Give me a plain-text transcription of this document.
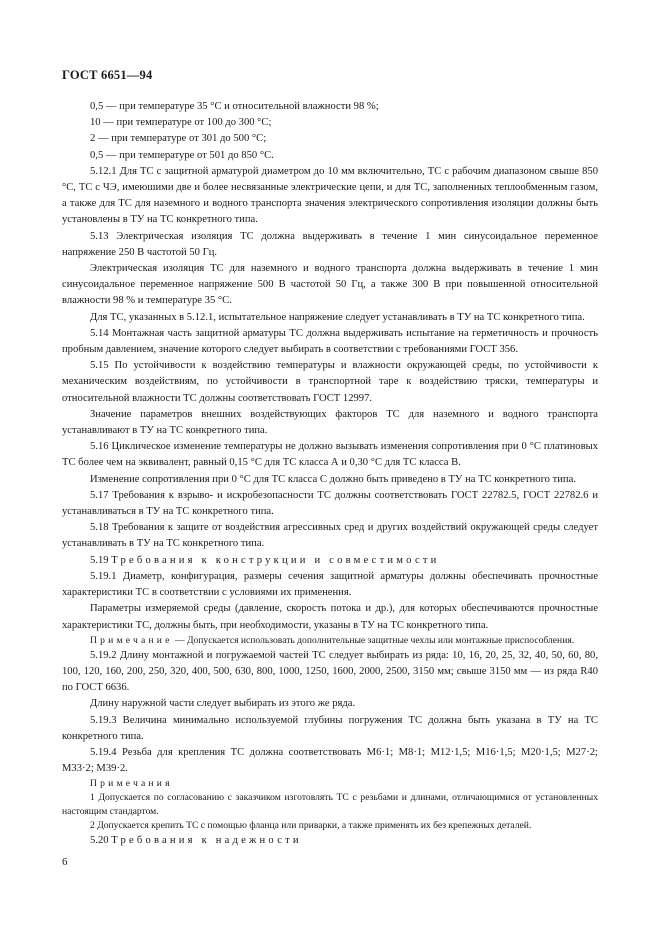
ГОСТ 6651—94

0,5 — при температуре 35 °С и относительной влажности 98 %;

10 — при температуре от 100 до 300 °С;

2 — при температуре от 301 до 500 °С;

0,5 — при температуре от 501 до 850 °С.

5.12.1 Для ТС с защитной арматурой диаметром до 10 мм включительно, ТС с рабочим диапазоном свыше 850 °С, ТС с ЧЭ, имеюшими две и более несвязанные электрические цепи, и для ТС, заполненных теплообменным газом, а также для ТС для наземного и водного транспорта значения электрического сопротивления изоляции должны быть установлены в ТУ на ТС конкретного типа.

5.13 Электрическая изоляция ТС должна выдерживать в течение 1 мин синусоидальное переменное напряжение 250 В частотой 50 Гц.

Электрическая изоляция ТС для наземного и водного транспорта должна выдерживать в течение 1 мин синусоидальное переменное напряжение 500 В частотой 50 Гц, а также 300 В при повышенной относительной влажности 98 % и температуре 35 °С.

Для ТС, указанных в 5.12.1, испытательное напряжение следует устанавливать в ТУ на ТС конкретного типа.

5.14 Монтажная часть защитной арматуры ТС должна выдерживать испытание на герметичность и прочность пробным давлением, значение которого следует выбирать в соответствии с требованиями ГОСТ 356.

5.15 По устойчивости к воздействию температуры и влажности окружающей среды, по устойчивости к механическим воздействиям, по устойчивости в транспортной таре к воздействию тряски, температуры и относительной влажности ТС должны соответствовать ГОСТ 12997.

Значение параметров внешних воздействующих факторов ТС для наземного и водного транспорта устанавливают в ТУ на ТС конкретного типа.

5.16 Циклическое изменение температуры не должно вызывать изменения сопротивления при 0 °С платиновых ТС более чем на эквивалент, равный 0,15 °С для ТС класса А и 0,30 °С для ТС класса В.

Изменение сопротивления при 0 °С для ТС класса С должно быть приведено в ТУ на ТС конкретного типа.

5.17 Требования к взрыво- и искробезопасности ТС должны соответствовать ГОСТ 22782.5, ГОСТ 22782.6 и устанавливаться в ТУ на ТС конкретного типа.

5.18 Требования к защите от воздействия агрессивных сред и других воздействий окружающей среды следует устанавливать в ТУ на ТС конкретного типа.

5.19 Требования к конструкции и совместимости

5.19.1 Диаметр, конфигурация, размеры сечения защитной арматуры должны обеспечивать прочностные характеристики ТС в соответствии с условиями их применения.

Параметры измеряемой среды (давление, скорость потока и др.), для которых обеспечиваются прочностные характеристики ТС, должны быть, при необходимости, указаны в ТУ на ТС конкретного типа.

Примечание — Допускается использовать дополнительные защитные чехлы или монтажные приспособления.

5.19.2 Длину монтажной и погружаемой частей ТС следует выбирать из ряда: 10, 16, 20, 25, 32, 40, 50, 60, 80, 100, 120, 160, 200, 250, 320, 400, 500, 630, 800, 1000, 1250, 1600, 2000, 2500, 3150 мм; свыше 3150 мм — из ряда R40 по ГОСТ 6636.

Длину наружной части следует выбирать из этого же ряда.

5.19.3 Величина минимально используемой глубины погружения ТС должна быть указана в ТУ на ТС конкретного типа.

5.19.4 Резьба для крепления ТС должна соответствовать М6·1; М8·1; М12·1,5; М16·1,5; М20·1,5; М27·2; М33·2; М39·2.

Примечания

1 Допускается по согласованию с заказчиком изготовлять ТС с резьбами и длинами, отличающимися от установленных настоящим стандартом.

2 Допускается крепить ТС с помощью фланца или приварки, а также применять их без крепежных деталей.

5.20 Требования к надежности

6
